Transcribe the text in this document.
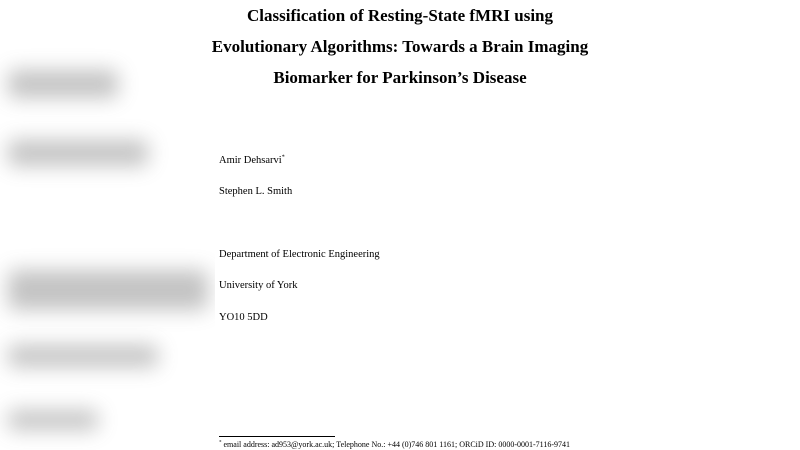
Classification of Resting-State fMRI using
Evolutionary Algorithms: Towards a Brain Imaging
Biomarker for Parkinson’s Disease
Amir Dehsarvi*
Stephen L. Smith
Department of Electronic Engineering
University of York
YO10 5DD
* email address: ad953@york.ac.uk; Telephone No.: +44 (0)746 801 1161; ORCiD ID: 0000-0001-7116-9741
